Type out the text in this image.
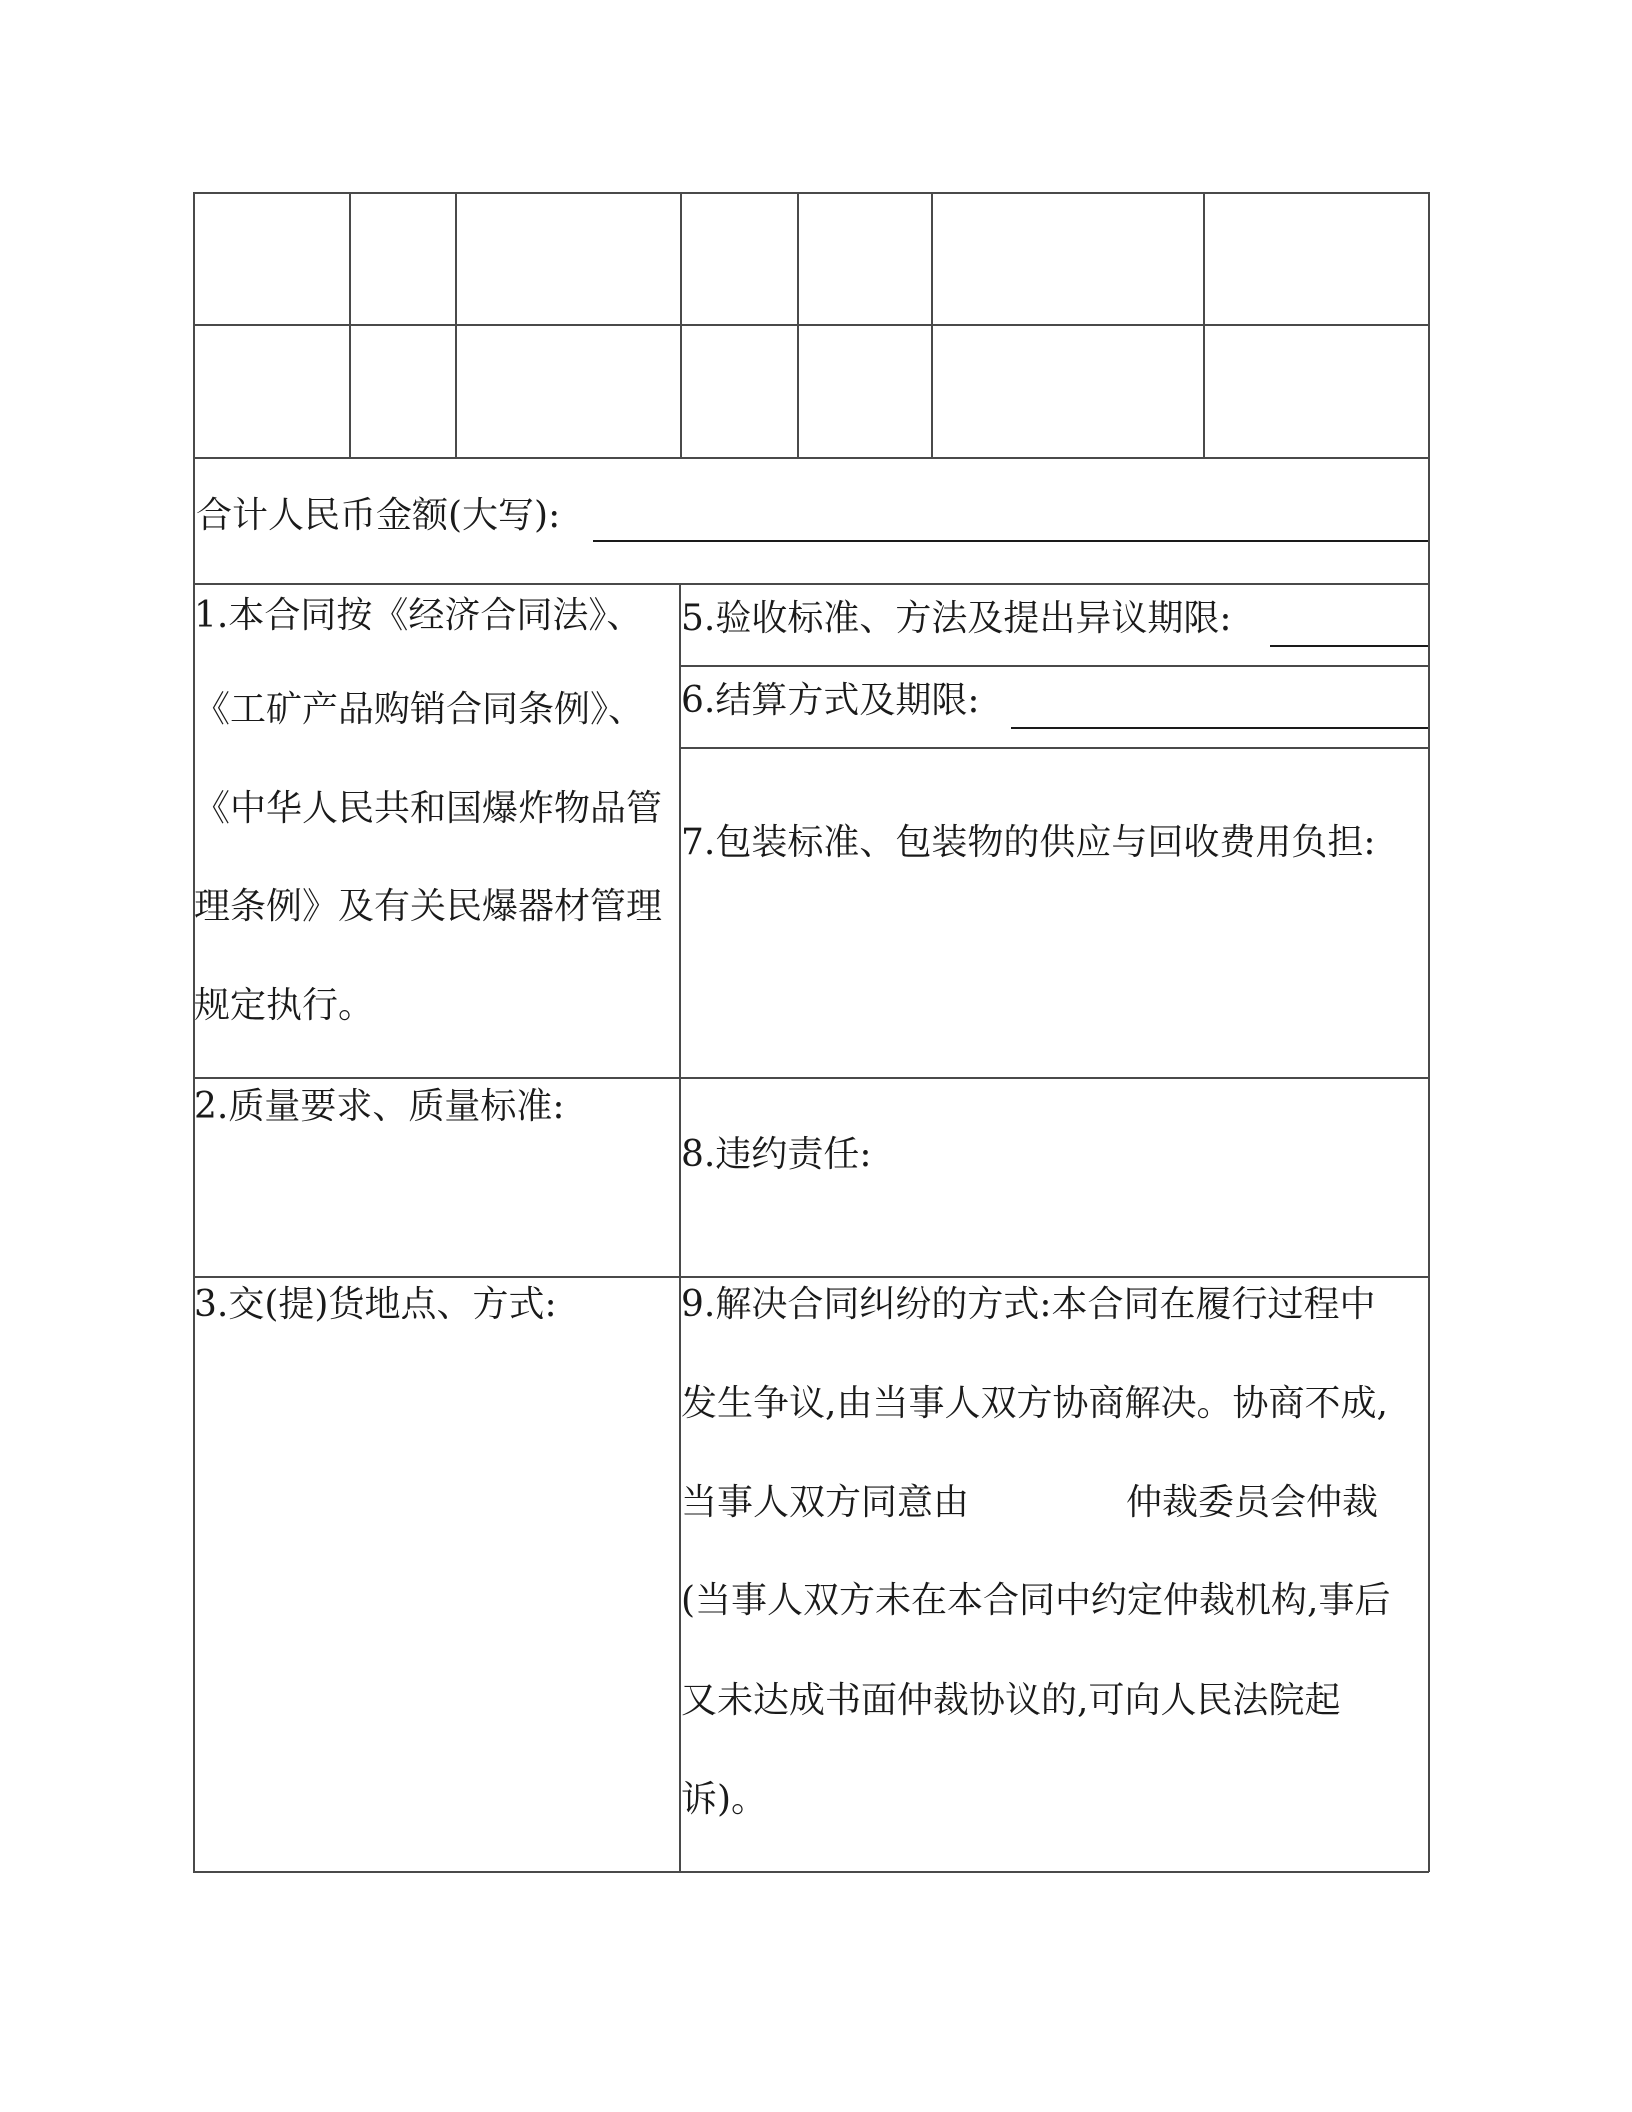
合计人民币金额(大写):
1.本合同按《经济合同法》、
《工矿产品购销合同条例》、
《中华人民共和国爆炸物品管
理条例》及有关民爆器材管理
规定执行。
5.验收标准、方法及提出异议期限:
6.结算方式及期限:
7.包装标准、包装物的供应与回收费用负担:
2.质量要求、质量标准:
8.违约责任:
3.交(提)货地点、方式:	9.解决合同纠纷的方式:本合同在履行过程中
发生争议,由当事人双方协商解决。协商不成,
当事人双方同意由	仲裁委员会仲裁
(当事人双方未在本合同中约定仲裁机构,事后
又未达成书面仲裁协议的,可向人民法院起
诉)。
